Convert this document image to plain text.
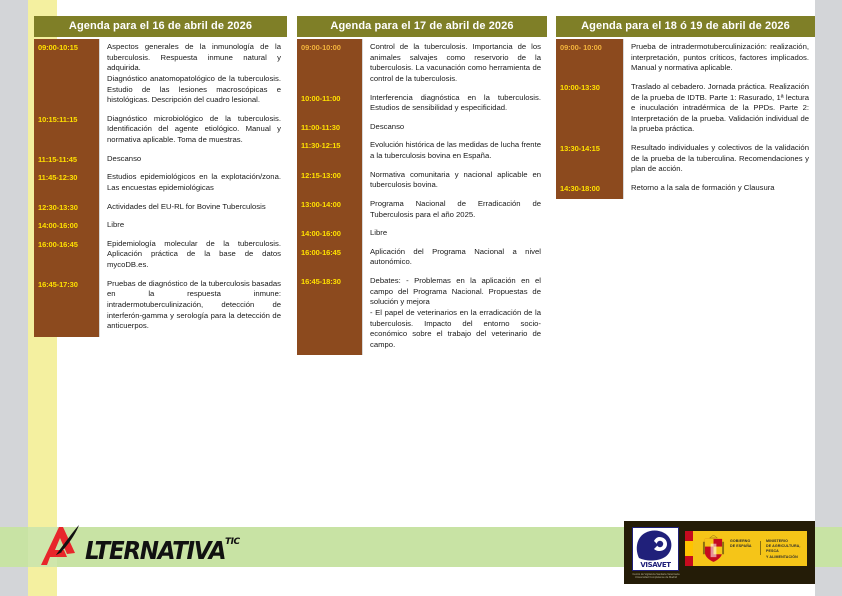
Agenda para el 16 de abril de 2026
09:00-10:15	Aspectos generales de la inmunología de la tuberculosis. Respuesta inmune natural y adquirida.
Diagnóstico anatomopatológico de la tuberculosis. Estudio de las lesiones macroscópicas e histológicas. Descripción del cuadro lesional.

10:15:11:15	Diagnóstico microbiológico de la tuberculosis. Identificación del agente etiológico. Manual y normativa aplicable. Toma de muestras.

11:15-11:45	Descanso

11:45-12:30	Estudios epidemiológicos en la explotación/zona. Las encuestas epidemiológicas

12:30-13:30	Actividades del EU-RL for Bovine Tuberculosis

14:00-16:00	Libre

16:00-16:45	Epidemiología molecular de la tuberculosis. Aplicación práctica de la base de datos mycoDB.es.

16:45-17:30	Pruebas de diagnóstico de la tuberculosis basadas en la respuesta inmune: intradermotuberculinización, detección de interferón-gamma y serología para la detección de anticuerpos.
Agenda para el 17 de abril de 2026
09:00-10:00	Control de la tuberculosis. Importancia de los animales salvajes como reservorio de la tuberculosis. La vacunación como herramienta de control de la tuberculosis.

10:00-11:00	Interferencia diagnóstica en la tuberculosis. Estudios de sensibilidad y especificidad.

11:00-11:30	Descanso

11:30-12:15	Evolución histórica de las medidas de lucha frente a la tuberculosis bovina en España.

12:15-13:00	Normativa comunitaria y nacional aplicable en tuberculosis bovina.

13:00-14:00	Programa Nacional de Erradicación de Tuberculosis para el año 2025.

14:00-16:00	Libre

16:00-16:45	Aplicación del Programa Nacional a nivel autonómico.

16:45-18:30	Debates: - Problemas en la aplicación en el campo del Programa Nacional. Propuestas de solución y mejora
- El papel de veterinarios en la erradicación de la tuberculosis. Impacto del entorno socio-económico sobre el trabajo del veterinario de campo.
Agenda para el 18 ó 19 de abril de 2026
09:00- 10:00	Prueba de intradermotuberculinización: realización, interpretación, puntos críticos, factores implicados. Manual y normativa aplicable.

10:00-13:30	Traslado al cebadero. Jornada práctica. Realización de la prueba de IDTB. Parte 1: Rasurado, 1ª lectura e inuculación intradérmica de la PPDs. Parte 2: Interpretación de la prueba. Validación individual de la prueba práctica.

13:30-14:15	Resultado individuales y colectivos de la validación de la prueba de la tuberculina. Recomendaciones y plan de acción.

14:30-18:00	Retorno a la sala de formación y Clausura
LTERNATIVA TIC
VISAVET
Centro de Vigilancia Sanitaria Veterinaria Universidad Complutense de Madrid
★
★
★
★
GOBIERNO
DE ESPAÑA
MINISTERIO
DE AGRICULTURA, PESCA
Y ALIMENTACIÓN
